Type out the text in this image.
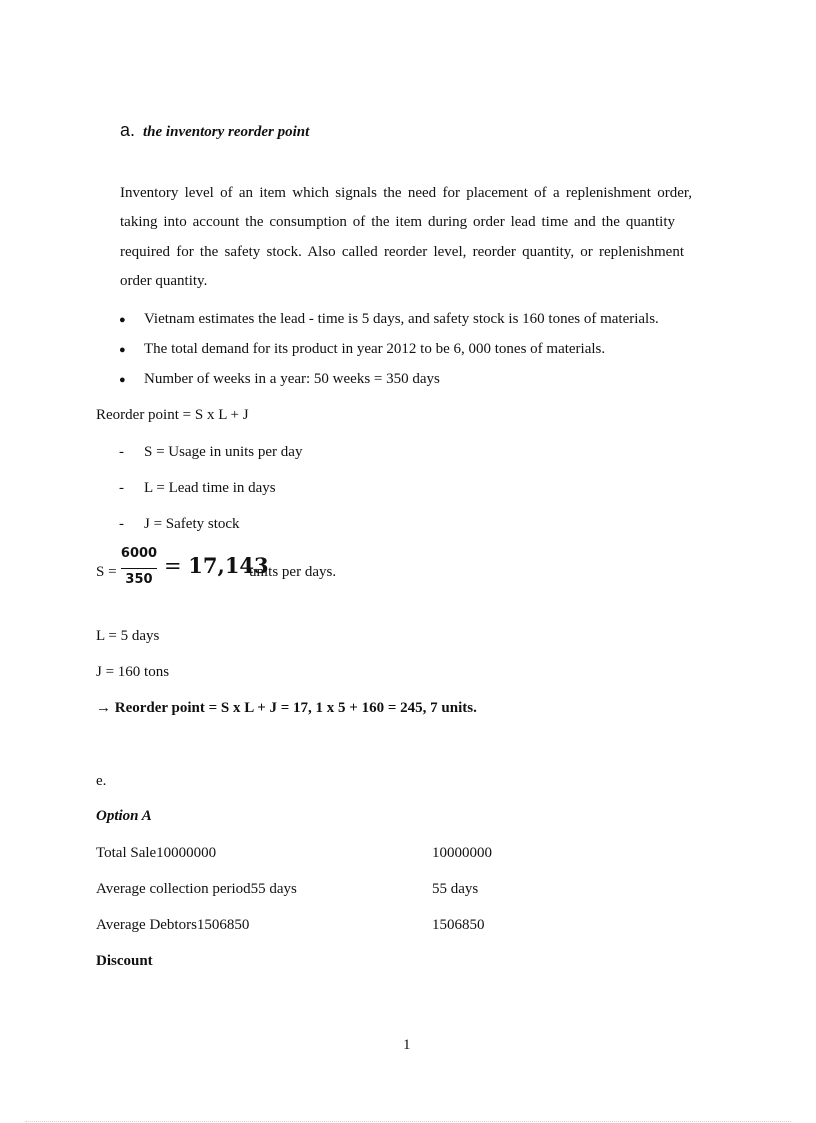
a. the inventory reorder point
Inventory level of an item which signals the need for placement of a replenishment order,
taking into account the consumption of the item during order lead time and the quantity
required for the safety stock. Also called reorder level, reorder quantity, or replenishment
order quantity.
● Vietnam estimates the lead - time is 5 days, and safety stock is 160 tones of materials.
● The total demand for its product in year 2012 to be 6, 000 tones of materials.
● Number of weeks in a year: 50 weeks = 350 days
Reorder point = S x L + J
- S = Usage in units per day
- L = Lead time in days
- J = Safety stock
S =
6000
350
= 17,143
units per days.
L = 5 days
J = 160 tons
→ Reorder point = S x L + J = 17, 1 x 5 + 160 = 245, 7 units.
e.
Option A
Total Sale10000000	10000000
Average collection period55 days	55 days
Average Debtors1506850	1506850
Discount
1
